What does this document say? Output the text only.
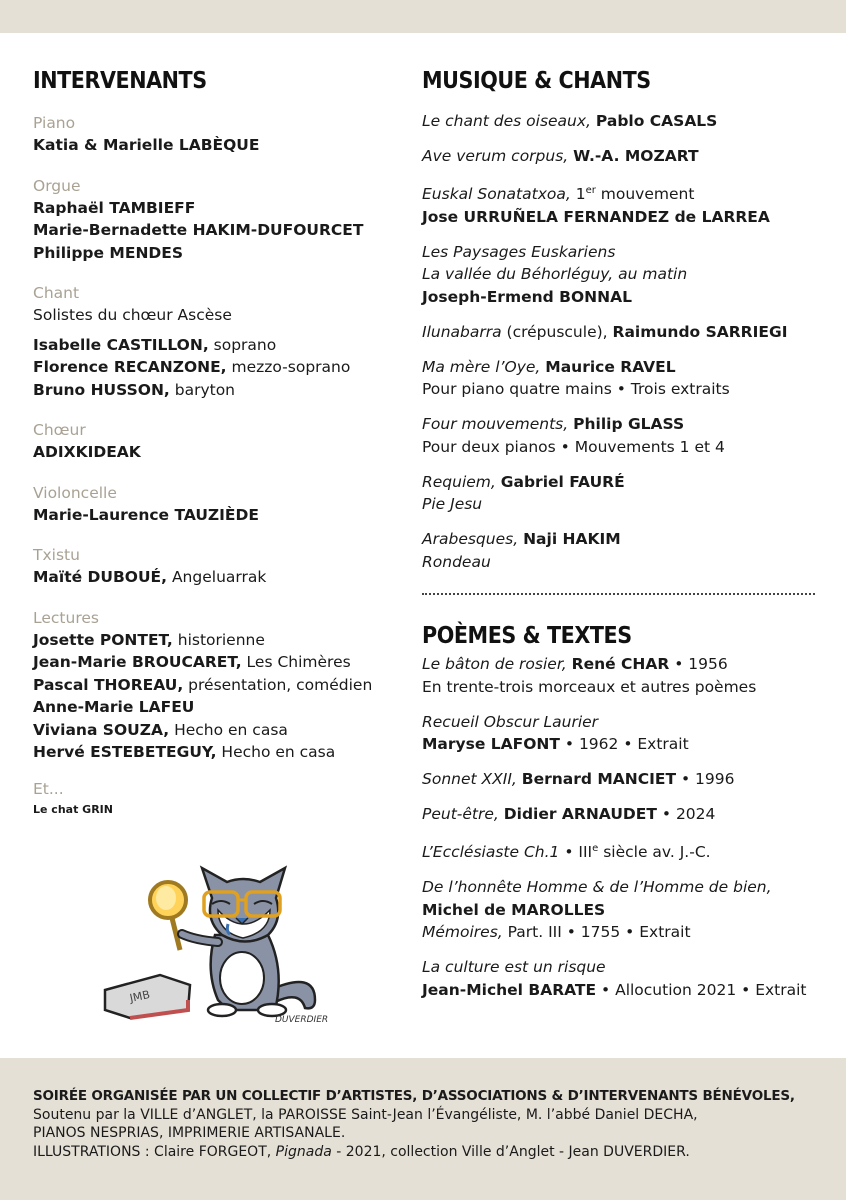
INTERVENANTS
Piano
Katia & Marielle LABÈQUE
Orgue
Raphaël TAMBIEFF
Marie-Bernadette HAKIM-DUFOURCET
Philippe MENDES
Chant
Solistes du chœur Ascèse
Isabelle CASTILLON, soprano
Florence RECANZONE, mezzo-soprano
Bruno HUSSON, baryton
Chœur
ADIXKIDEAK
Violoncelle
Marie-Laurence TAUZIÈDE
Txistu
Maïté DUBOUÉ, Angeluarrak
Lectures
Josette PONTET, historienne
Jean-Marie BROUCARET, Les Chimères
Pascal THOREAU, présentation, comédien
Anne-Marie LAFEU
Viviana SOUZA, Hecho en casa
Hervé ESTEBETEGUY, Hecho en casa
Et...
Le chat GRIN
JMB
DUVERDIER
MUSIQUE & CHANTS
Le chant des oiseaux, Pablo CASALS
Ave verum corpus, W.-A. MOZART
Euskal Sonatatxoa, 1er mouvement
Jose URRUÑELA FERNANDEZ de LARREA
Les Paysages Euskariens
La vallée du Béhorléguy, au matin
Joseph-Ermend BONNAL
Ilunabarra (crépuscule), Raimundo SARRIEGI
Ma mère l’Oye, Maurice RAVEL
Pour piano quatre mains • Trois extraits
Four mouvements, Philip GLASS
Pour deux pianos • Mouvements 1 et 4
Requiem, Gabriel FAURÉ
Pie Jesu
Arabesques, Naji HAKIM
Rondeau
POÈMES & TEXTES
Le bâton de rosier, René CHAR • 1956
En trente-trois morceaux et autres poèmes
Recueil Obscur Laurier
Maryse LAFONT • 1962 • Extrait
Sonnet XXII, Bernard MANCIET • 1996
Peut-être, Didier ARNAUDET • 2024
L’Ecclésiaste Ch.1 • IIIe siècle av. J.-C.
De l’honnête Homme & de l’Homme de bien,
Michel de MAROLLES
Mémoires, Part. III • 1755 • Extrait
La culture est un risque
Jean-Michel BARATE • Allocution 2021 • Extrait
SOIRÉE ORGANISÉE PAR UN COLLECTIF D’ARTISTES, D’ASSOCIATIONS & D’INTERVENANTS BÉNÉVOLES,
Soutenu par la VILLE d’ANGLET, la PAROISSE Saint-Jean l’Évangéliste, M. l’abbé Daniel DECHA,
PIANOS NESPRIAS, IMPRIMERIE ARTISANALE.
ILLUSTRATIONS : Claire FORGEOT, Pignada - 2021, collection Ville d’Anglet - Jean DUVERDIER.
